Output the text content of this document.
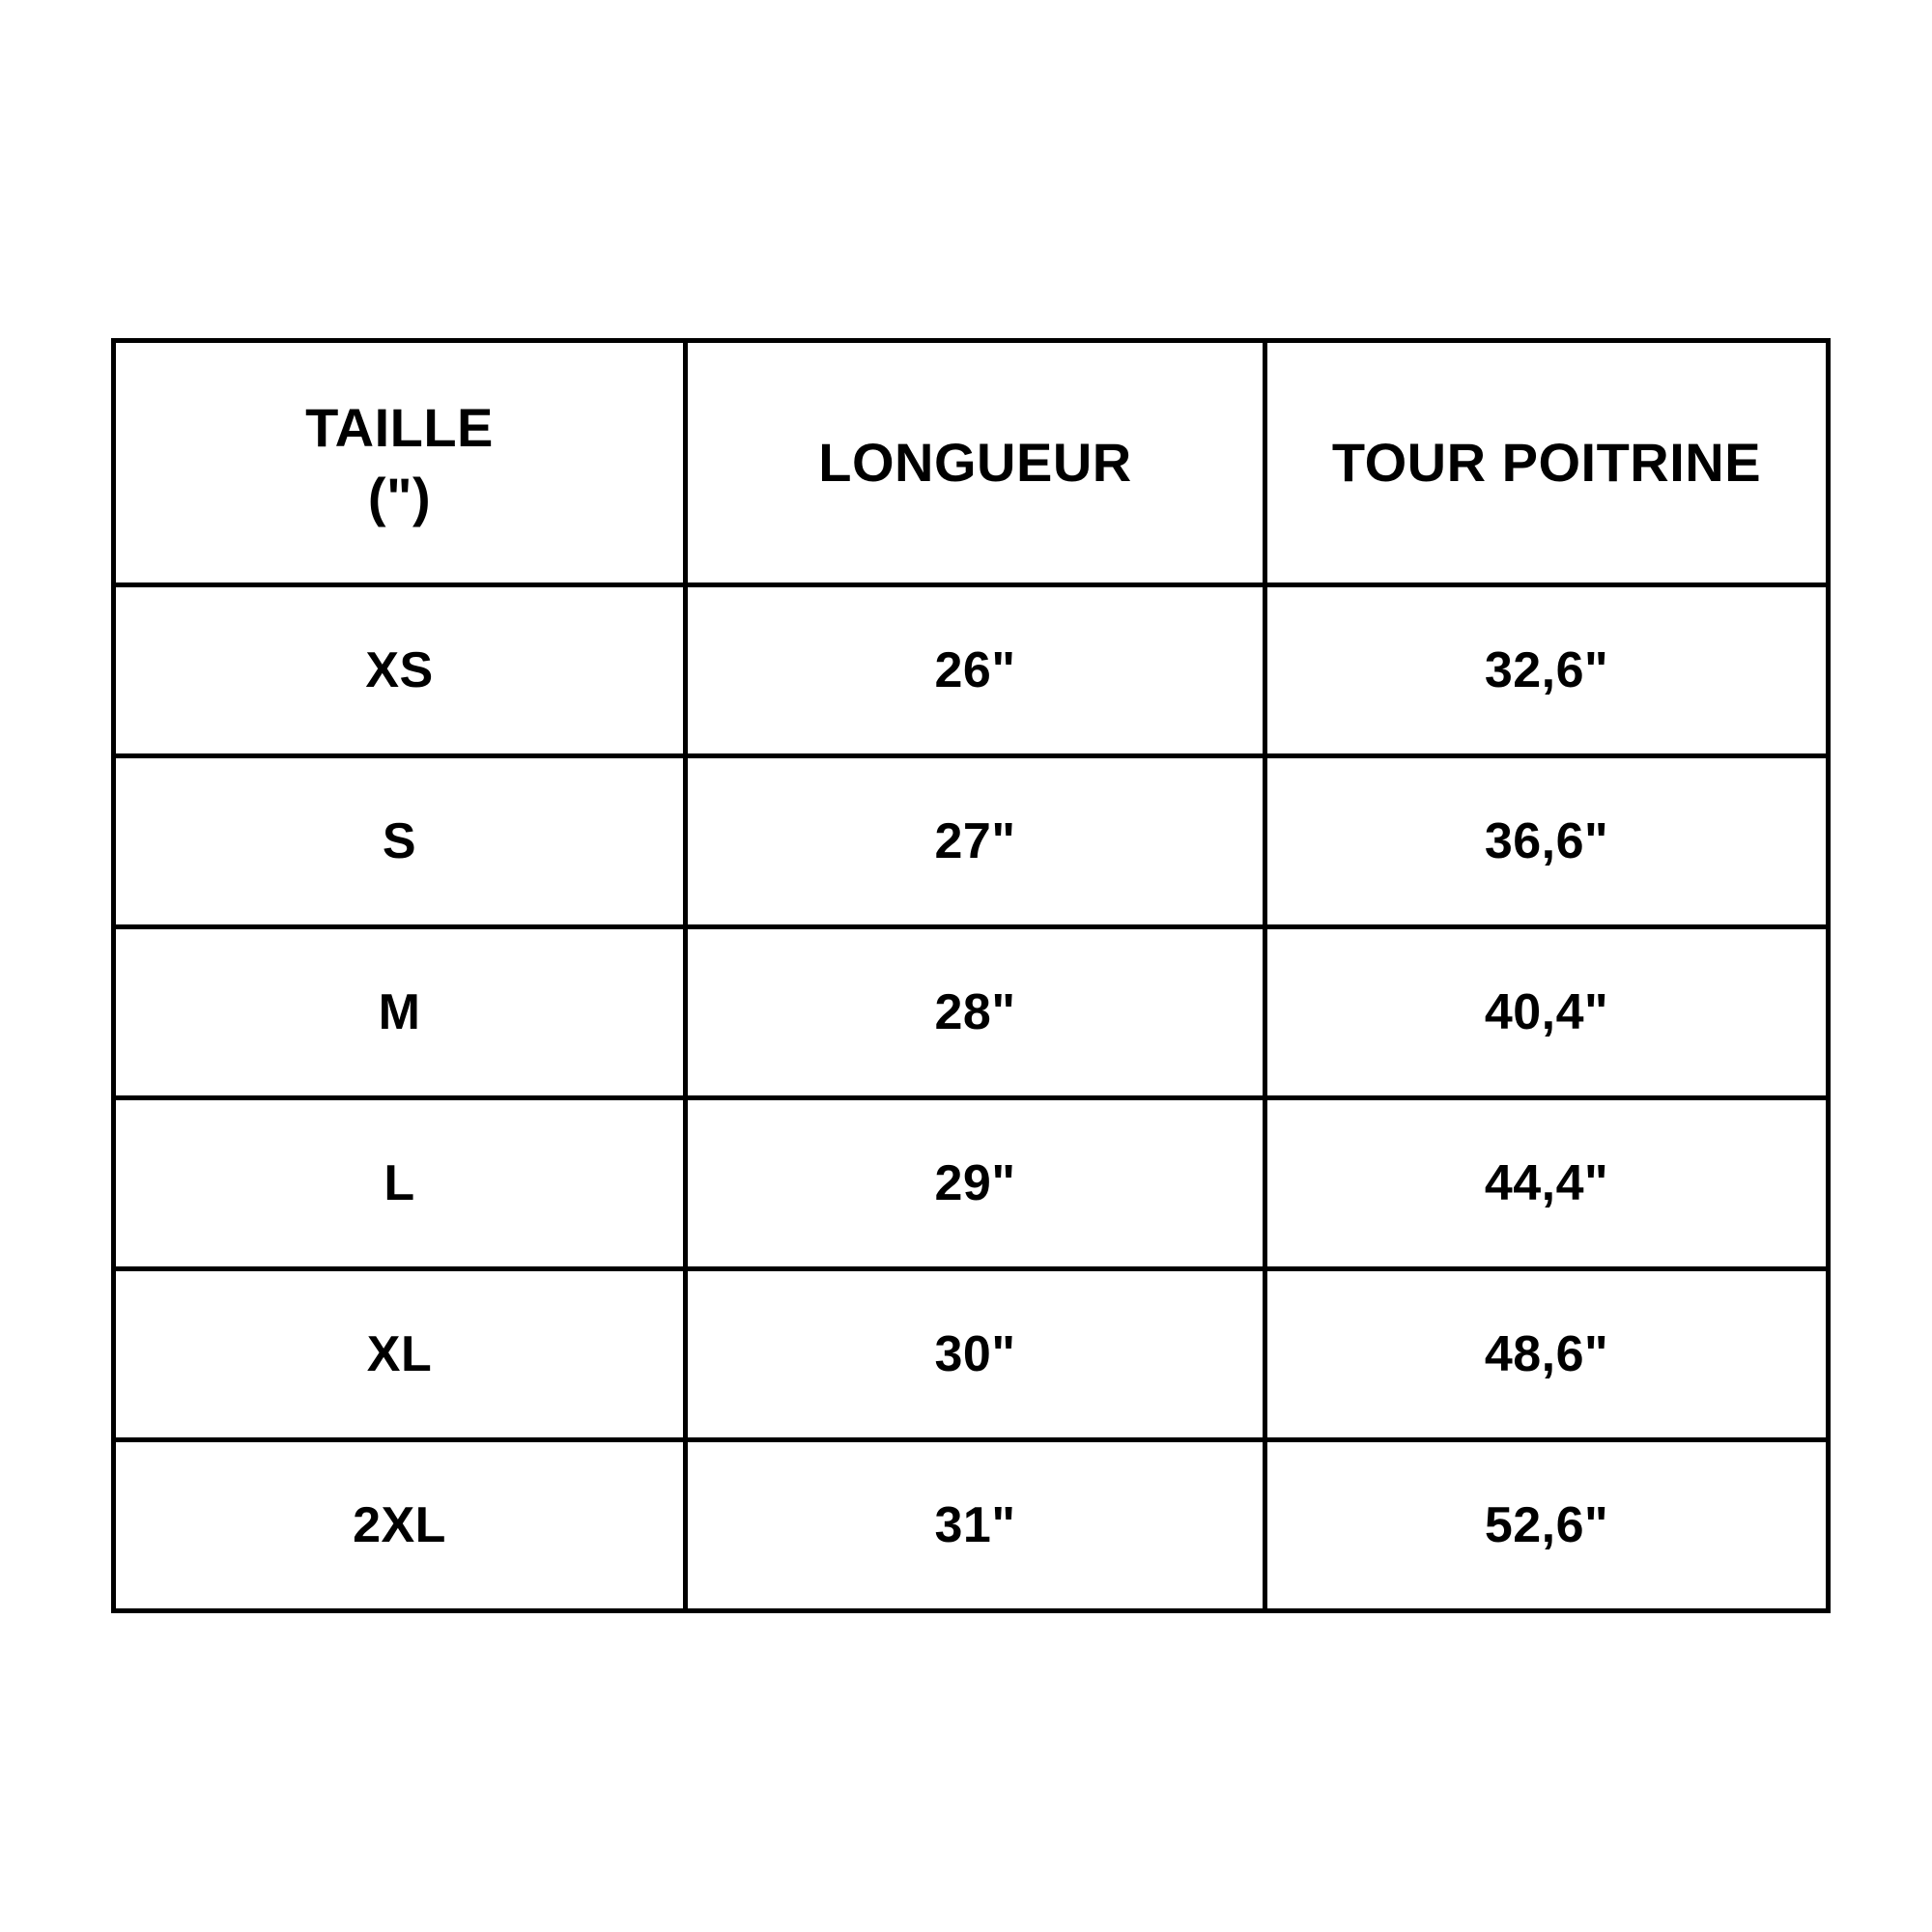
TAILLE
(")	LONGUEUR	TOUR POITRINE

XS	26"	32,6"
S	27"	36,6"
M	28"	40,4"
L	29"	44,4"
XL	30"	48,6"
2XL	31"	52,6"
